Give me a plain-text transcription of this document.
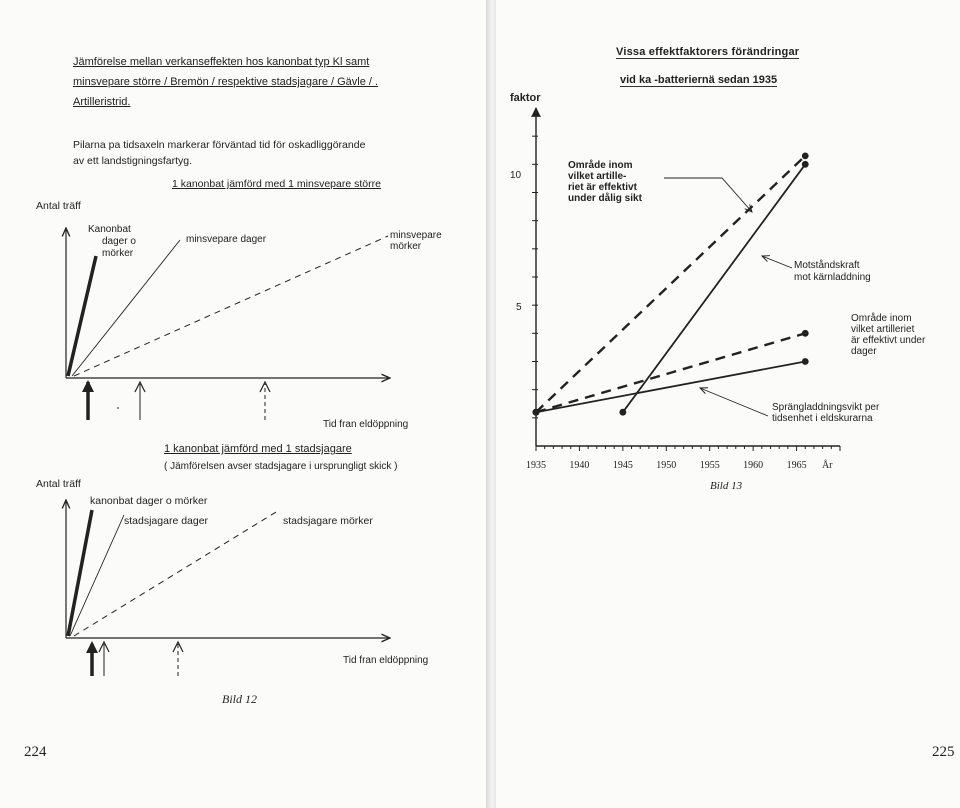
Jämförelse mellan verkanseffekten hos kanonbat typ Kl samt
minsvepare större / Bremön / respektive stadsjagare / Gävle / .
Artilleristrid.
Pilarna pa tidsaxeln markerar förväntad tid för oskadliggörande
av ett landstigningsfartyg.
1 kanonbat jämförd med 1 minsvepare större
Antal träff
Kanonbat
dager o
mörker
minsvepare dager	minsvepare
mörker
Tid fran eldöppning
1 kanonbat jämförd med 1 stadsjagare
( Jämförelsen avser stadsjagare i ursprungligt skick )
Antal träff
kanonbat dager o mörker
stadsjagare dager	stadsjagare mörker
Tid fran eldöppning
Bild 12
224
Vissa effektfaktorers förändringar
vid ka -batteriernä sedan 1935
faktor
10
5
Område inom
vilket artille-
riet är effektivt
under dålig sikt
Motståndskraft
mot kärnladdning
Område inom
vilket artilleriet
är effektivt under
dager
Sprängladdningsvikt per
tidsenhet i eldskurarna
Bild 13
225
1935 1940 1945 1950 1955 1960 1965 År
